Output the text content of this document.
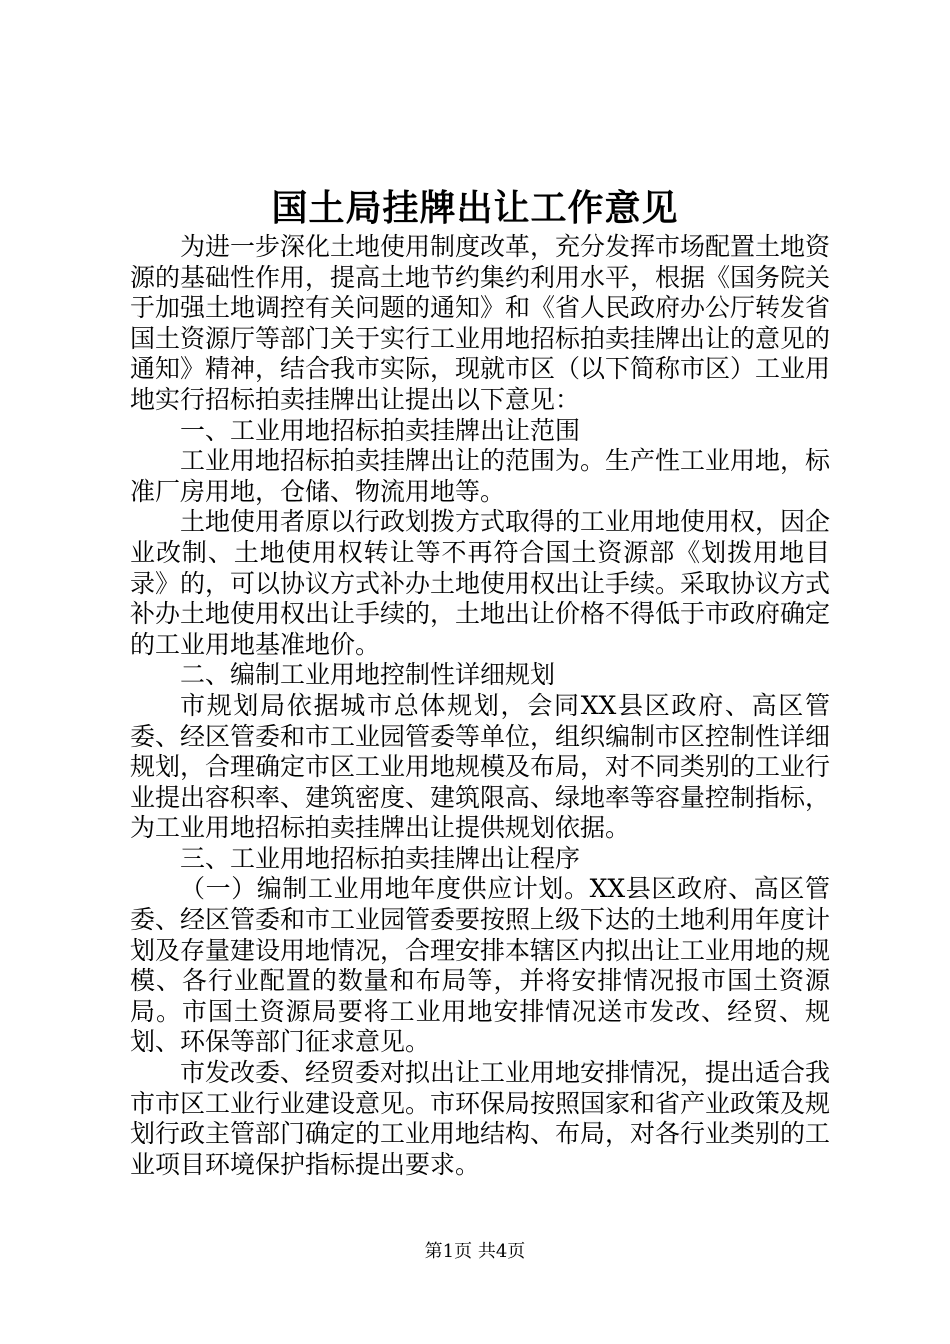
国土局挂牌出让工作意见

为进一步深化土地使用制度改革，充分发挥市场配置土地资源的基础性作用，提高土地节约集约利用水平，根据《国务院关于加强土地调控有关问题的通知》和《省人民政府办公厅转发省国土资源厅等部门关于实行工业用地招标拍卖挂牌出让的意见的通知》精神，结合我市实际，现就市区（以下简称市区）工业用地实行招标拍卖挂牌出让提出以下意见：

一、工业用地招标拍卖挂牌出让范围

工业用地招标拍卖挂牌出让的范围为。生产性工业用地，标准厂房用地，仓储、物流用地等。

土地使用者原以行政划拨方式取得的工业用地使用权，因企业改制、土地使用权转让等不再符合国土资源部《划拨用地目录》的，可以协议方式补办土地使用权出让手续。采取协议方式补办土地使用权出让手续的，土地出让价格不得低于市政府确定的工业用地基准地价。

二、编制工业用地控制性详细规划

市规划局依据城市总体规划，会同XX县区政府、高区管委、经区管委和市工业园管委等单位，组织编制市区控制性详细规划，合理确定市区工业用地规模及布局，对不同类别的工业行业提出容积率、建筑密度、建筑限高、绿地率等容量控制指标，为工业用地招标拍卖挂牌出让提供规划依据。

三、工业用地招标拍卖挂牌出让程序

（一）编制工业用地年度供应计划。XX县区政府、高区管委、经区管委和市工业园管委要按照上级下达的土地利用年度计划及存量建设用地情况，合理安排本辖区内拟出让工业用地的规模、各行业配置的数量和布局等，并将安排情况报市国土资源局。市国土资源局要将工业用地安排情况送市发改、经贸、规划、环保等部门征求意见。

市发改委、经贸委对拟出让工业用地安排情况，提出适合我市市区工业行业建设意见。市环保局按照国家和省产业政策及规划行政主管部门确定的工业用地结构、布局，对各行业类别的工业项目环境保护指标提出要求。

第1页 共4页
